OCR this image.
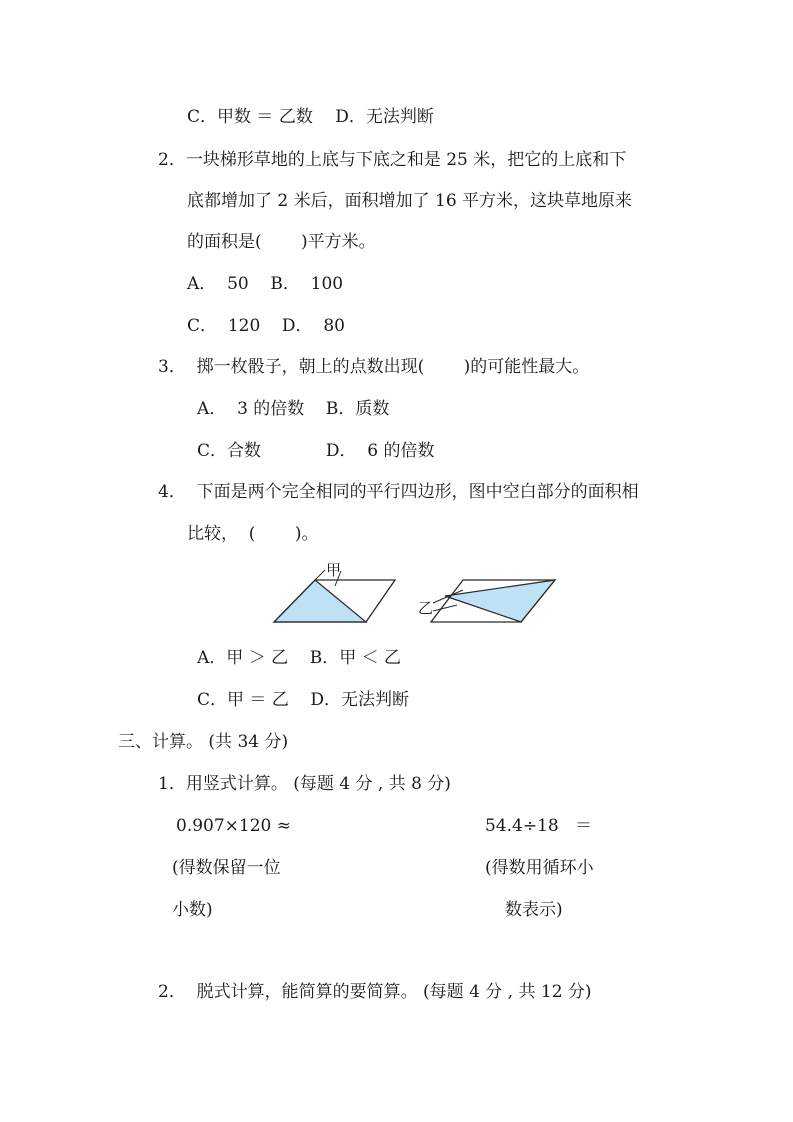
C．甲数 ＝ 乙数　 D．无法判断
2．一块梯形草地的上底与下底之和是 25 米，把它的上底和下
底都增加了 2 米后，面积增加了 16 平方米，这块草地原来
的面积是(　　 )平方米。
A．  50    B．  100
C．  120    D．  80
3．  掷一枚骰子，朝上的点数出现(　　 )的可能性最大。
A．  3 的倍数    B．质数
C．合数            D．  6 的倍数
4．  下面是两个完全相同的平行四边形，图中空白部分的面积相
比较，  (　　 )。
甲
乙
A．甲 ＞ 乙    B．甲 ＜ 乙
C．甲 ＝ 乙    D．无法判断
三、计算。 (共 34 分)
1．用竖式计算。 (每题 4 分 , 共 8 分)
0.907×120 ≈
(得数保留一位
小数)
54.4÷18   ＝
(得数用循环小
数表示)
2．  脱式计算，能简算的要简算。 (每题 4 分 , 共 12 分)
